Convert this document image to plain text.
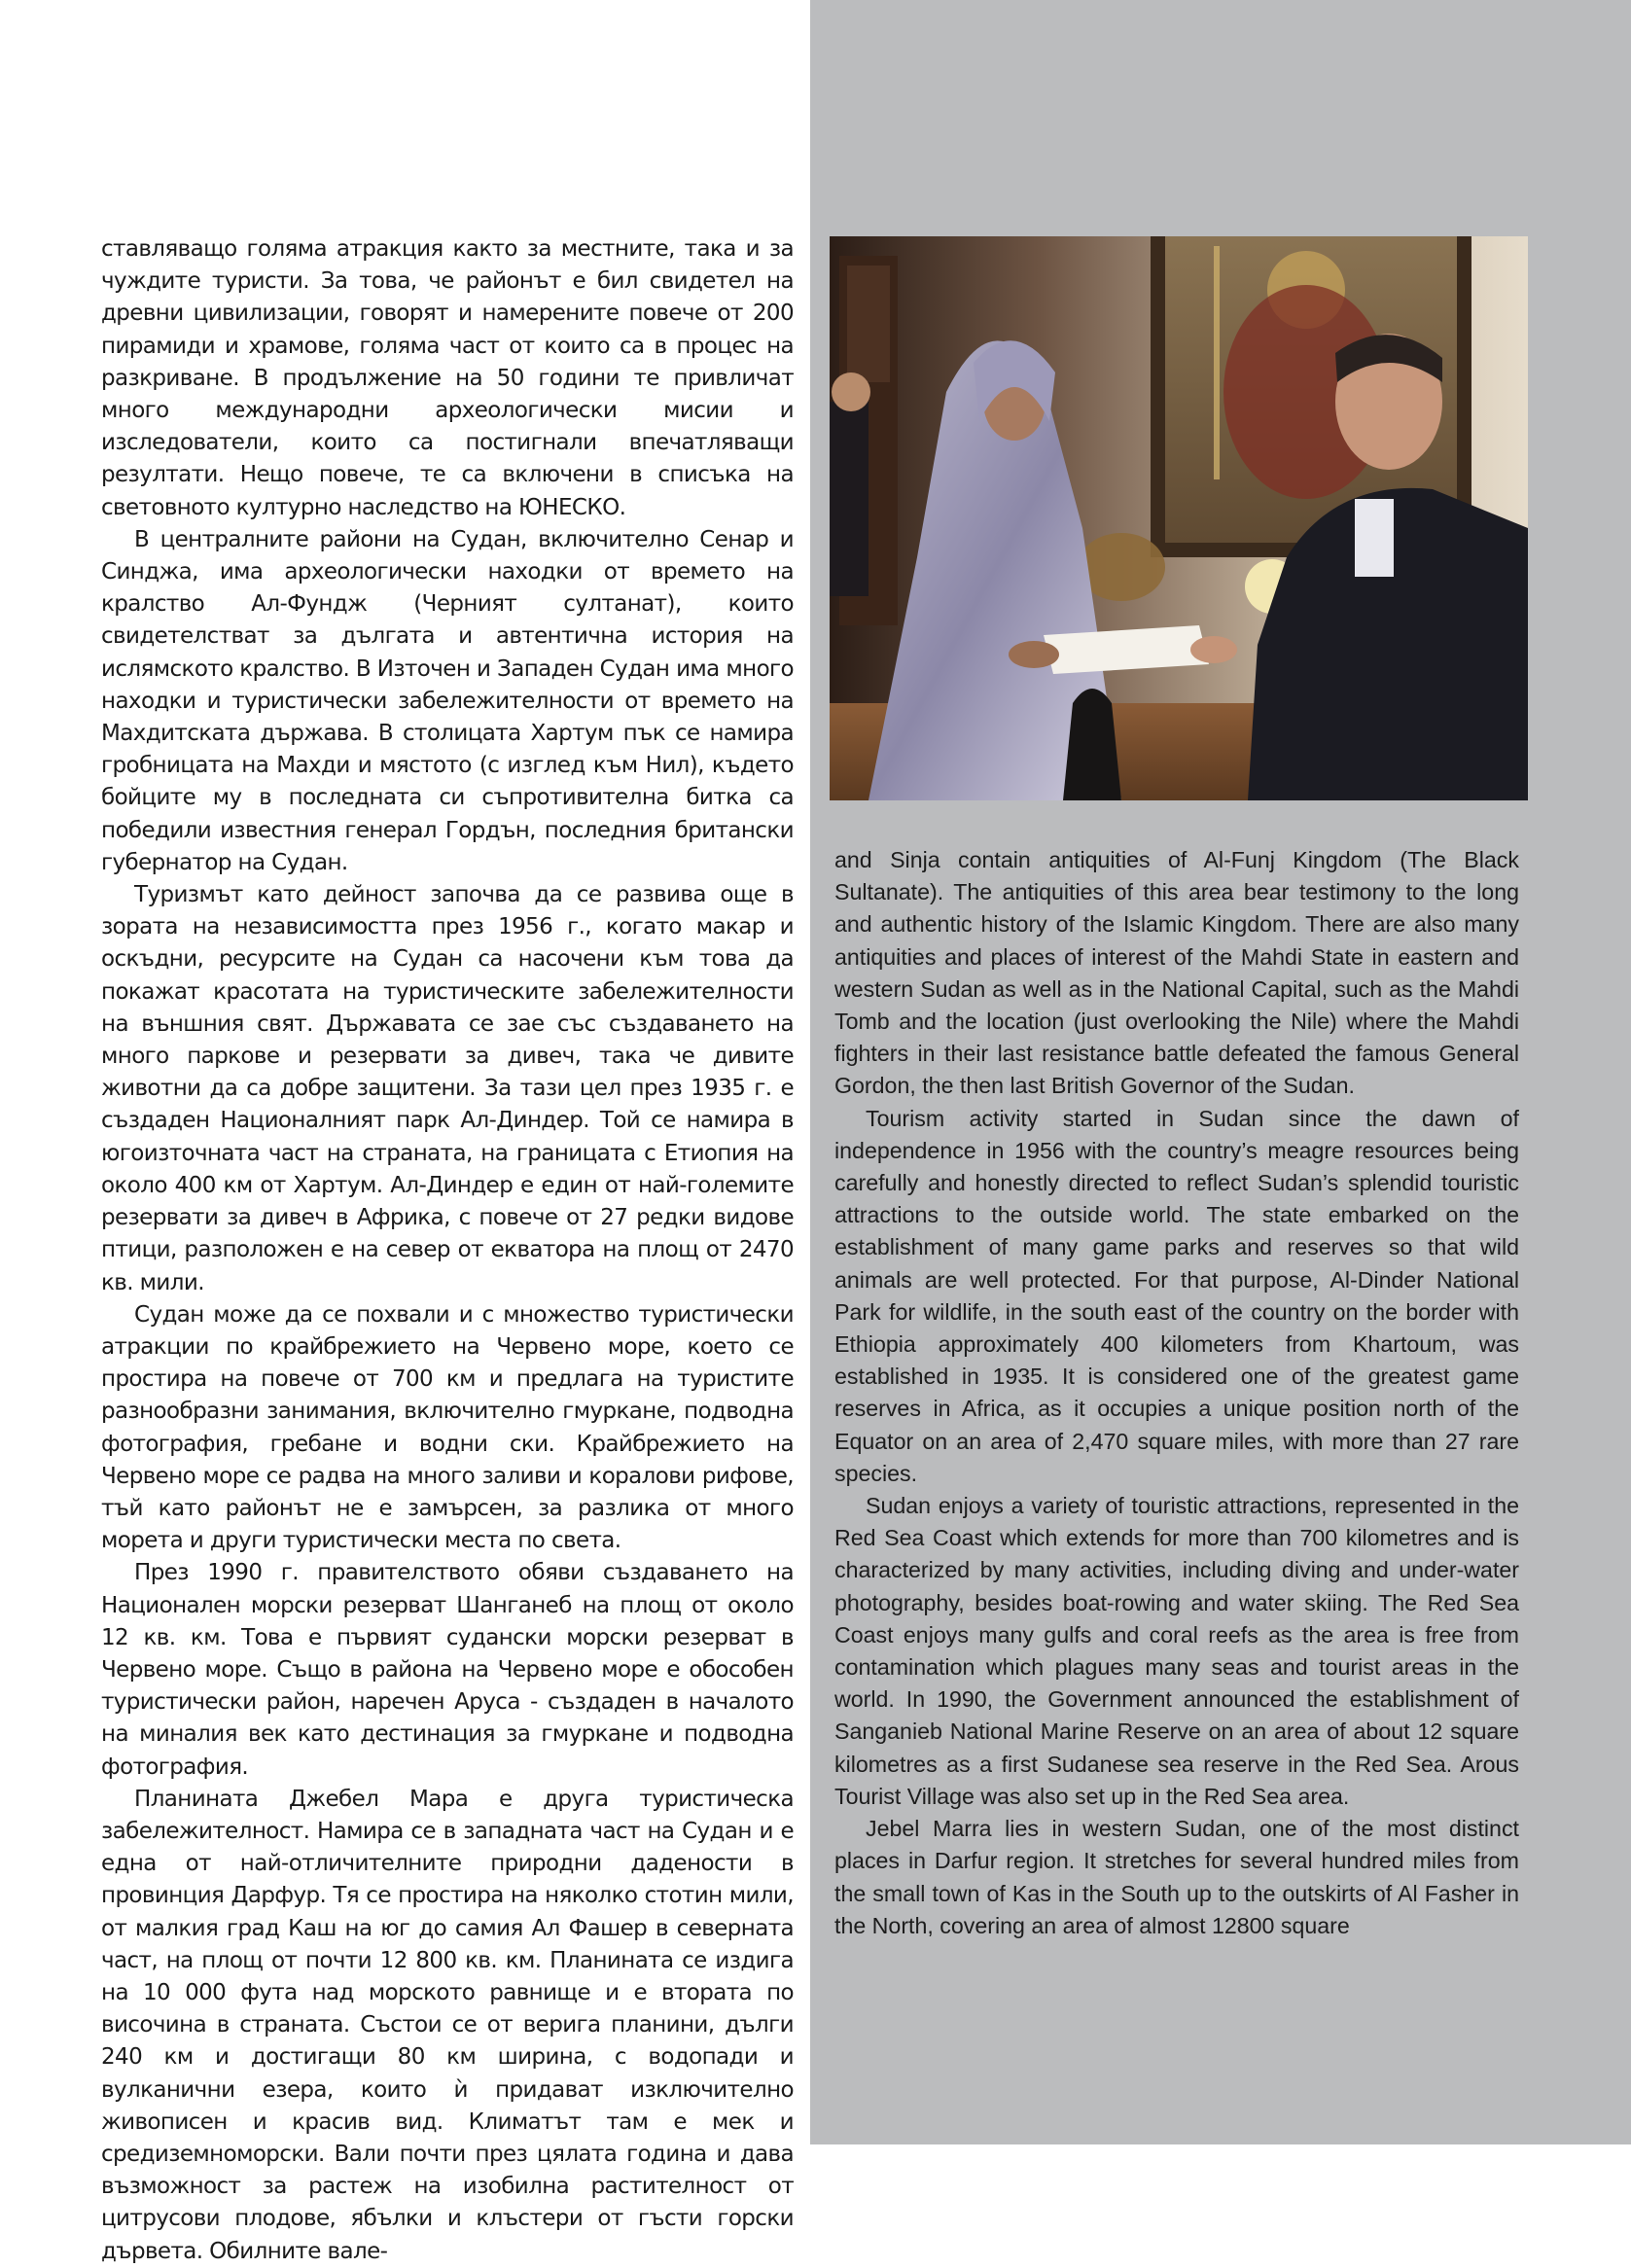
ставляващо голяма атракция както за местните, така и за чуждите туристи. За това, че районът е бил свидетел на древни цивилизации, говорят и намерените повече от 200 пирамиди и храмове, голяма част от които са в процес на разкриване. В продължение на 50 години те привличат много международни археологически мисии и изследователи, които са постигнали впечатляващи резултати. Нещо повече, те са включени в списъка на световното културно наследство на ЮНЕСКО.

В централните райони на Судан, включително Сенар и Синджа, има археологически находки от времето на кралство Ал-Фундж (Черният султанат), които свидетелстват за дългата и автентична история на ислямското кралство. В Източен и Западен Судан има много находки и туристически забележителности от времето на Махдитската държава. В столицата Хартум пък се намира гробницата на Махди и мястото (с изглед към Нил), където бойците му в последната си съпротивителна битка са победили известния генерал Гордън, последния британски губернатор на Судан.

Туризмът като дейност започва да се развива още в зората на независимостта през 1956 г., когато макар и оскъдни, ресурсите на Судан са насочени към това да покажат красотата на туристическите забележителности на външния свят. Държавата се зае със създаването на много паркове и резервати за дивеч, така че дивите животни да са добре защитени. За тази цел през 1935 г. е създаден Националният парк Ал-Диндер. Той се намира в югоизточната част на страната, на границата с Етиопия на около 400 км от Хартум. Ал-Диндер е един от най-големите резервати за дивеч в Африка, с повече от 27 редки видове птици, разположен е на север от екватора на площ от 2470 кв. мили.

Судан може да се похвали и с множество туристически атракции по крайбрежието на Червено море, което се простира на повече от 700 км и предлага на туристите разнообразни занимания, включително гмуркане, подводна фотография, гребане и водни ски. Крайбрежието на Червено море се радва на много заливи и коралови рифове, тъй като районът не е замърсен, за разлика от много морета и други туристически места по света.

През 1990 г. правителството обяви създаването на Национален морски резерват Шанганеб на площ от около 12 кв. км. Това е първият судански морски резерват в Червено море. Също в района на Червено море е обособен туристически район, наречен Аруса - създаден в началото на миналия век като дестинация за гмуркане и подводна фотография.

Планината Джебел Мара е друга туристическа забележителност. Намира се в западната част на Судан и е една от най-отличителните природни дадености в провинция Дарфур. Тя се простира на няколко стотин мили, от малкия град Каш на юг до самия Ал Фашер в северната част, на площ от почти 12 800 кв. км. Планината се издига на 10 000 фута над морското равнище и е втората по височина в страната. Състои се от верига планини, дълги 240 км и достигащи 80 км ширина, с водопади и вулканични езера, които ѝ придават изключително живописен и красив вид. Климатът там е мек и средиземноморски. Вали почти през цялата година и дава възможност за растеж на изобилна растителност от цитрусови плодове, ябълки и клъстери от гъсти горски дървета. Обилните вале-

and Sinja contain antiquities of Al-Funj Kingdom (The Black Sultanate). The antiquities of this area bear testimony to the long and authentic history of the Islamic Kingdom. There are also many antiquities and places of interest of the Mahdi State in eastern and western Sudan as well as in the National Capital, such as the Mahdi Tomb and the location (just overlooking the Nile) where the Mahdi fighters in their last resistance battle defeated the famous General Gordon, the then last British Governor of the Sudan.

Tourism activity started in Sudan since the dawn of independence in 1956 with the country’s meagre resources being carefully and honestly directed to reflect Sudan’s splendid touristic attractions to the outside world. The state embarked on the establishment of many game parks and reserves so that wild animals are well protected. For that purpose, Al-Dinder National Park for wildlife, in the south east of the country on the border with Ethiopia approximately 400 kilometers from Khartoum, was established in 1935. It is considered one of the greatest game reserves in Africa, as it occupies a unique position north of the Equator on an area of 2,470 square miles, with more than 27 rare species.

Sudan enjoys a variety of touristic attractions, represented in the Red Sea Coast which extends for more than 700 kilometres and is characterized by many activities, including diving and under-water photography, besides boat-rowing and water skiing. The Red Sea Coast enjoys many gulfs and coral reefs as the area is free from contamination which plagues many seas and tourist areas in the world. In 1990, the Government announced the establishment of Sanganieb National Marine Reserve on an area of about 12 square kilometres as a first Sudanese sea reserve in the Red Sea. Arous Tourist Village was also set up in the Red Sea area.

Jebel Marra lies in western Sudan, one of the most distinct places in Darfur region. It stretches for several hundred miles from the small town of Kas in the South up to the outskirts of Al Fasher in the North, covering an area of almost 12800 square
